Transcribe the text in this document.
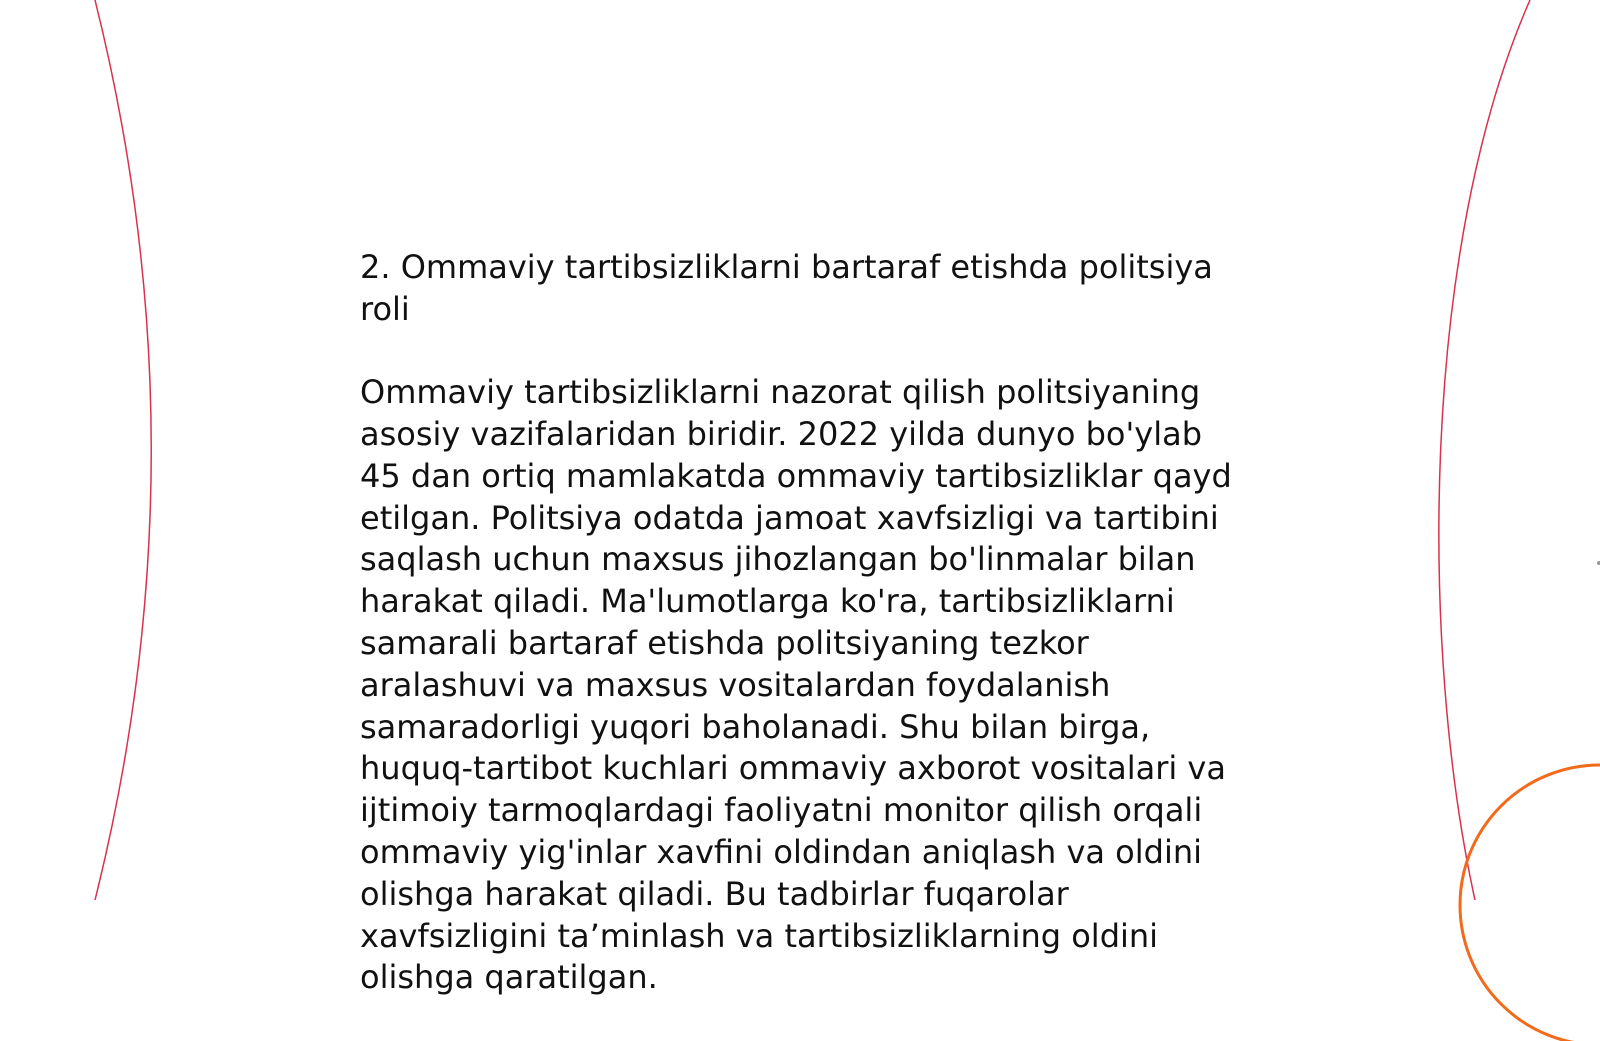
2. Ommaviy tartibsizliklarni bartaraf etishda politsiya
roli

Ommaviy tartibsizliklarni nazorat qilish politsiyaning
asosiy vazifalaridan biridir. 2022 yilda dunyo bo'ylab
45 dan ortiq mamlakatda ommaviy tartibsizliklar qayd
etilgan. Politsiya odatda jamoat xavfsizligi va tartibini
saqlash uchun maxsus jihozlangan bo'linmalar bilan
harakat qiladi. Ma'lumotlarga ko'ra, tartibsizliklarni
samarali bartaraf etishda politsiyaning tezkor
aralashuvi va maxsus vositalardan foydalanish
samaradorligi yuqori baholanadi. Shu bilan birga,
huquq-tartibot kuchlari ommaviy axborot vositalari va
ijtimoiy tarmoqlardagi faoliyatni monitor qilish orqali
ommaviy yig'inlar xavfini oldindan aniqlash va oldini
olishga harakat qiladi. Bu tadbirlar fuqarolar
xavfsizligini ta’minlash va tartibsizliklarning oldini
olishga qaratilgan.
